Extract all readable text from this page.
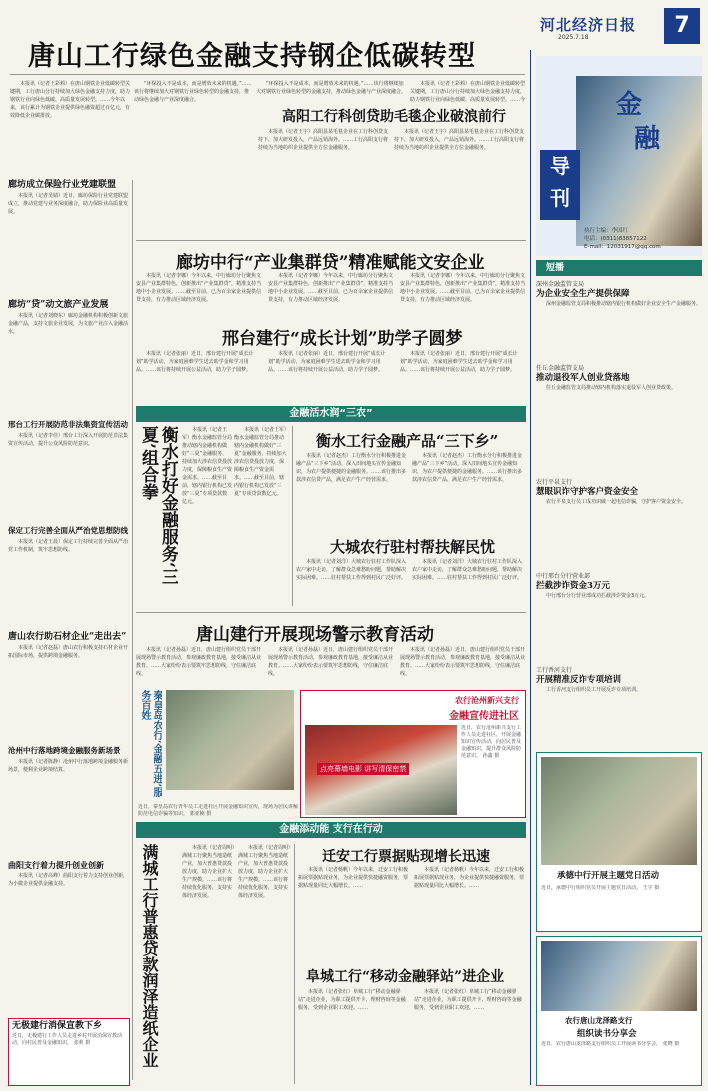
河北经济日报
2025.7.18	7
唐山工行绿色金融支持钢企低碳转型

本报讯（记者王彩莉）在唐山钢铁企业低碳转型关键期，工行唐山分行持续加大绿色金融支持力度，助力钢铁行业向绿色低碳、高质量发展转型。……今年以来，该行累计为钢铁企业提供绿色融资超过百亿元，有效降低企业碳排放。

“环保投入不是成本，而是增效未来的机遇。”……该行将继续加大对钢铁行业绿色转型的金融支持，推动绿色金融与产业深度融合。

“环保投入不是成本，而是增效未来的机遇。”……该行将继续加大对钢铁行业绿色转型的金融支持，推动绿色金融与产业深度融合。

本报讯（记者王彩莉）在唐山钢铁企业低碳转型关键期，工行唐山分行持续加大绿色金融支持力度，助力钢铁行业向绿色低碳、高质量发展转型。……今

高阳工行科创贷助毛毯企业破浪前行

本报讯（记者王宇）高阳县某毛毯企业在工行科创贷支持下，加大研发投入，产品远销海外。……工行高阳支行将持续为当地纺织企业提供全方位金融服务。

本报讯（记者王宇）高阳县某毛毯企业在工行科创贷支持下，加大研发投入，产品远销海外。……工行高阳支行将持续为当地纺织企业提供全方位金融服务。

廊坊成立保险行业党建联盟

本报讯（记者吴婧）近日，廊坊保险行业党建联盟成立，推动党建与业务深度融合，助力保险业高质量发展。

廊坊“贷”动文旅产业发展

本报讯（记者刘晓东）廊坊金融机构积极创新文旅金融产品，支持文旅企业发展，为文旅产业注入金融活水。

邢台工行开展防范非法集资宣传活动

本报讯（记者李佳）邢台工行深入开展防范非法集资宣传活动，提升公众风险防范意识。

保定工行完善全面从严治党思想防线

本报讯（记者王晨）保定工行持续完善全面从严治党工作机制，筑牢思想防线。

唐山农行助石材企业“走出去”

本报讯（记者赵磊）唐山农行积极支持石材企业开拓国际市场，提供跨境金融服务。

沧州中行落地跨境金融服务新场景

本报讯（记者陈静）沧州中行落地跨境金融服务新场景，便利企业跨境结算。

曲阳支行着力提升创业创新

本报讯（记者高峰）曲阳支行着力支持创业创新，为小微企业提供金融支持。

无极建行消保宣教下乡
近日，无极建行工作人员走进乡村开展消保宣教活动，向村民普及金融知识。 张莉 摄
廊坊中行“产业集群贷”精准赋能文安企业

本报讯（记者李娜）今年以来，中行廊坊分行聚焦文安县产业集群特色，创新推出“产业集群贷”，精准支持当地中小企业发展。……截至目前，已为百余家企业提供信贷支持，有力推动区域经济发展。

本报讯（记者李娜）今年以来，中行廊坊分行聚焦文安县产业集群特色，创新推出“产业集群贷”，精准支持当地中小企业发展。……截至目前，已为百余家企业提供信贷支持，有力推动区域经济发展。

本报讯（记者李娜）今年以来，中行廊坊分行聚焦文安县产业集群特色，创新推出“产业集群贷”，精准支持当地中小企业发展。……截至目前，已为百余家企业提供信贷支持，有力推动区域经济发展。

邢台建行“成长计划”助学子圆梦

本报讯（记者张丽）近日，邢台建行开展“成长计划”助学活动，为家庭困难学生送去助学金和学习用品。……该行将持续开展公益活动，助力学子圆梦。

本报讯（记者张丽）近日，邢台建行开展“成长计划”助学活动，为家庭困难学生送去助学金和学习用品。……该行将持续开展公益活动，助力学子圆梦。

本报讯（记者张丽）近日，邢台建行开展“成长计划”助学活动，为家庭困难学生送去助学金和学习用品。……该行将持续开展公益活动，助力学子圆梦。

金融活水润“三农”
衡水打好金融服务‘三夏’组合拳	本报讯（记者王军）衡水金融监管分局推动辖内金融机构做好“三夏”金融服务，持续加大涉农信贷投放力度，保障粮食生产资金需求。……截至目前，辖内银行机构已发放“三夏”专项贷款数亿元。

本报讯（记者王军）衡水金融监管分局推动辖内金融机构做好“三夏”金融服务，持续加大涉农信贷投放力度，保障粮食生产资金需求。……截至目前，辖内银行机构已发放“三夏”专项贷款数亿元。

衡水工行金融产品“三下乡”

本报讯（记者赵杰）工行衡水分行积极推进金融产品“三下乡”活动，深入田间地头宣传金融知识，为农户提供便捷的金融服务。……该行推出多款涉农信贷产品，满足农户生产经营需求。

本报讯（记者赵杰）工行衡水分行积极推进金融产品“三下乡”活动，深入田间地头宣传金融知识，为农户提供便捷的金融服务。……该行推出多款涉农信贷产品，满足农户生产经营需求。

大城农行驻村帮扶解民忧

本报讯（记者刘洋）大城农行驻村工作队深入农户家中走访，了解群众急难愁盼问题，帮助解决实际困难。……驻村帮扶工作得到村民广泛好评。

本报讯（记者刘洋）大城农行驻村工作队深入农户家中走访，了解群众急难愁盼问题，帮助解决实际困难。……驻村帮扶工作得到村民广泛好评。

唐山建行开展现场警示教育活动

本报讯（记者孙磊）近日，唐山建行组织党员干部开展现场警示教育活动，参观廉政教育基地，接受廉洁从业教育。……大家纷纷表示要筑牢思想防线，守住廉洁底线。

本报讯（记者孙磊）近日，唐山建行组织党员干部开展现场警示教育活动，参观廉政教育基地，接受廉洁从业教育。……大家纷纷表示要筑牢思想防线，守住廉洁底线。

本报讯（记者孙磊）近日，唐山建行组织党员干部开展现场警示教育活动，参观廉政教育基地，接受廉洁从业教育。……大家纷纷表示要筑牢思想防线，守住廉洁底线。

秦皇岛农行‘金融五进’服务百姓
近日，秦皇岛农行青年员工走进社区开展金融知识宣传，现场为居民讲解防范电信诈骗等知识。 郭亚楠 摄
农行沧州新兴支行
金融宣传进社区
点亮幕墙电影 讲写清保密禁
近日，农行沧州新兴支行工作人员走进社区，开展金融知识宣传活动，向居民普及金融知识，提升群众风险防范意识。 孙鑫 摄
金融添动能 支行在行动
满城工行普惠贷款润泽造纸企业	本报讯（记者周明）满城工行聚焦当地造纸产业，加大普惠贷款投放力度，助力企业扩大生产规模。……该行将持续优化服务，支持实体经济发展。

本报讯（记者周明）满城工行聚焦当地造纸产业，加大普惠贷款投放力度，助力企业扩大生产规模。……该行将持续优化服务，支持实体经济发展。

迁安工行票据贴现增长迅速

本报讯（记者杨帆）今年以来，迁安工行积极拓展票据贴现业务，为企业提供快捷融资服务，票据贴现量同比大幅增长。……

本报讯（记者杨帆）今年以来，迁安工行积极拓展票据贴现业务，为企业提供快捷融资服务，票据贴现量同比大幅增长。……

阜城工行“移动金融驿站”进企业

本报讯（记者张红）阜城工行“移动金融驿站”走进企业，为职工提供开卡、理财咨询等金融服务，受到企业职工欢迎。……

本报讯（记者张红）阜城工行“移动金融驿站”走进企业，为职工提供开卡、理财咨询等金融服务，受到企业职工欢迎。……

金
融
导
刊
执行主编：李国红
电话：(0311)83857122
E-mail：12031917@qq.com
短播
深州金融监管支局
为企业安全生产提供保障

深州金融监管支局积极推动辖内银行机构做好企业安全生产金融服务。

任丘金融监管支局
推动退役军人创业贷落地

任丘金融监管支局推动辖内机构落实退役军人创业贷政策。

农行平泉支行
慧眼识诈守护客户资金安全

农行平泉支行员工成功识破一起电信诈骗，守护客户资金安全。

中行邢台分行营业部
拦截涉诈资金3万元

中行邢台分行营业部成功拦截涉诈资金3万元。

工行香河支行
开展精准反诈专项培训

工行香河支行组织员工开展反诈专项培训。

承德中行开展主题党日活动
近日，承德中行组织党员开展主题党日活动。 王宇 摄
农行唐山龙泽路支行
组织读书分享会
近日，农行唐山龙泽路支行组织员工开展读书分享会。 张晓 摄
